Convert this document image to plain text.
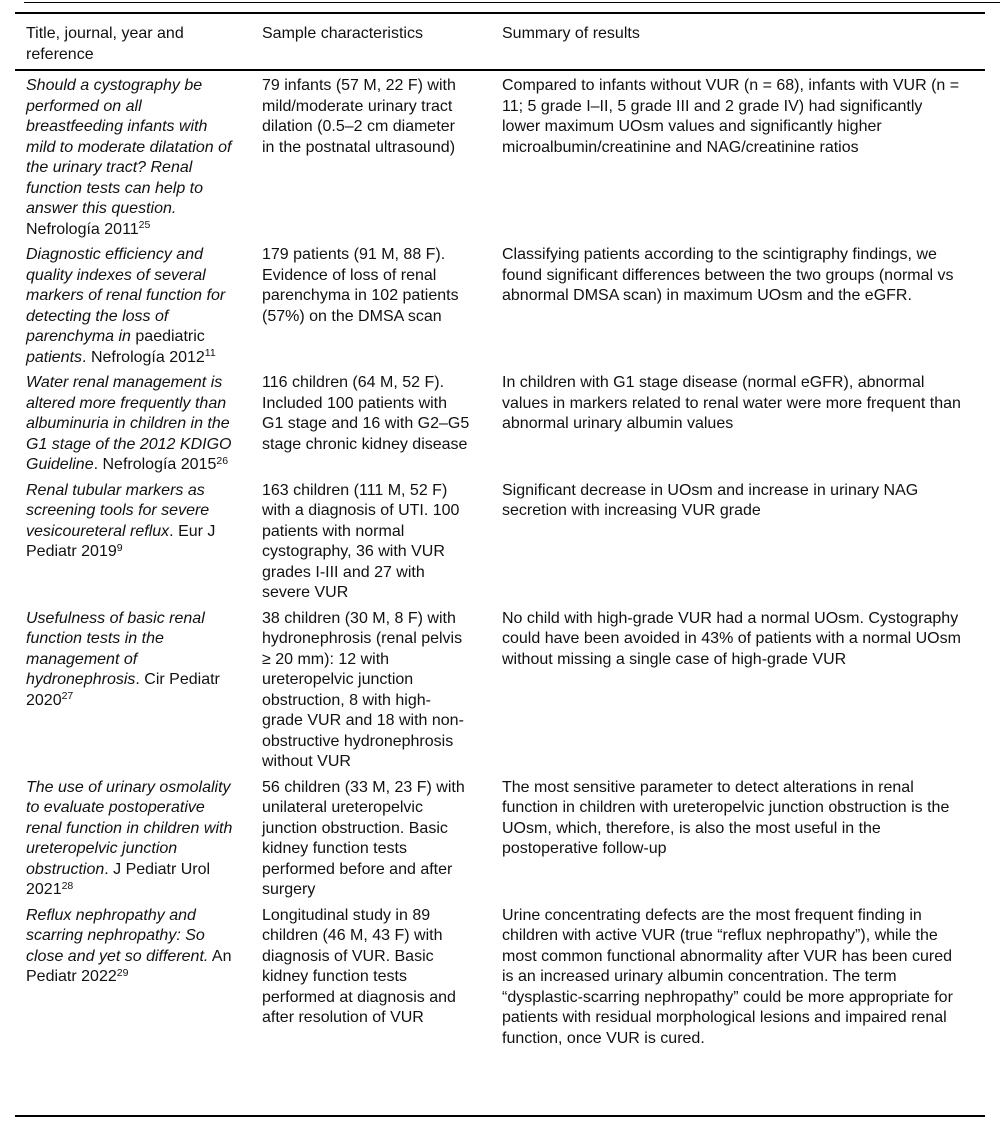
Title, journal, year and reference	Sample characteristics	Summary of results
Should a cystography be performed on all breastfeeding infants with mild to moderate dilatation of the urinary tract? Renal function tests can help to answer this question. Nefrología 2011$^{25}$	79 infants (57 M, 22 F) with mild/moderate urinary tract dilation (0.5–2 cm diameter in the postnatal ultrasound)	Compared to infants without VUR (n = 68), infants with VUR (n = 11; 5 grade I–II, 5 grade III and 2 grade IV) had significantly lower maximum UOsm values and significantly higher microalbumin/creatinine and NAG/creatinine ratios
Diagnostic efficiency and quality indexes of several markers of renal function for detecting the loss of parenchyma in paediatric patients. Nefrología 2012$^{11}$	179 patients (91 M, 88 F). Evidence of loss of renal parenchyma in 102 patients (57%) on the DMSA scan	Classifying patients according to the scintigraphy findings, we found significant differences between the two groups (normal vs abnormal DMSA scan) in maximum UOsm and the eGFR.
Water renal management is altered more frequently than albuminuria in children in the G1 stage of the 2012 KDIGO Guideline. Nefrología 2015$^{26}$	116 children (64 M, 52 F). Included 100 patients with G1 stage and 16 with G2–G5 stage chronic kidney disease	In children with G1 stage disease (normal eGFR), abnormal values in markers related to renal water were more frequent than abnormal urinary albumin values
Renal tubular markers as screening tools for severe vesicoureteral reflux. Eur J Pediatr 2019$^9$	163 children (111 M, 52 F) with a diagnosis of UTI. 100 patients with normal cystography, 36 with VUR grades I-III and 27 with severe VUR	Significant decrease in UOsm and increase in urinary NAG secretion with increasing VUR grade
Usefulness of basic renal function tests in the management of hydronephrosis. Cir Pediatr 2020$^{27}$	38 children (30 M, 8 F) with hydronephrosis (renal pelvis ≥ 20 mm): 12 with ureteropelvic junction obstruction, 8 with high-grade VUR and 18 with non-obstructive hydronephrosis without VUR	No child with high-grade VUR had a normal UOsm. Cystography could have been avoided in 43% of patients with a normal UOsm without missing a single case of high-grade VUR
The use of urinary osmolality to evaluate postoperative renal function in children with ureteropelvic junction obstruction. J Pediatr Urol 2021$^{28}$	56 children (33 M, 23 F) with unilateral ureteropelvic junction obstruction. Basic kidney function tests performed before and after surgery	The most sensitive parameter to detect alterations in renal function in children with ureteropelvic junction obstruction is the UOsm, which, therefore, is also the most useful in the postoperative follow-up
Reflux nephropathy and scarring nephropathy: So close and yet so different. An Pediatr 2022$^{29}$	Longitudinal study in 89 children (46 M, 43 F) with diagnosis of VUR. Basic kidney function tests performed at diagnosis and after resolution of VUR	Urine concentrating defects are the most frequent finding in children with active VUR (true “reflux nephropathy”), while the most common functional abnormality after VUR has been cured is an increased urinary albumin concentration. The term “dysplastic-scarring nephropathy” could be more appropriate for patients with residual morphological lesions and impaired renal function, once VUR is cured.
